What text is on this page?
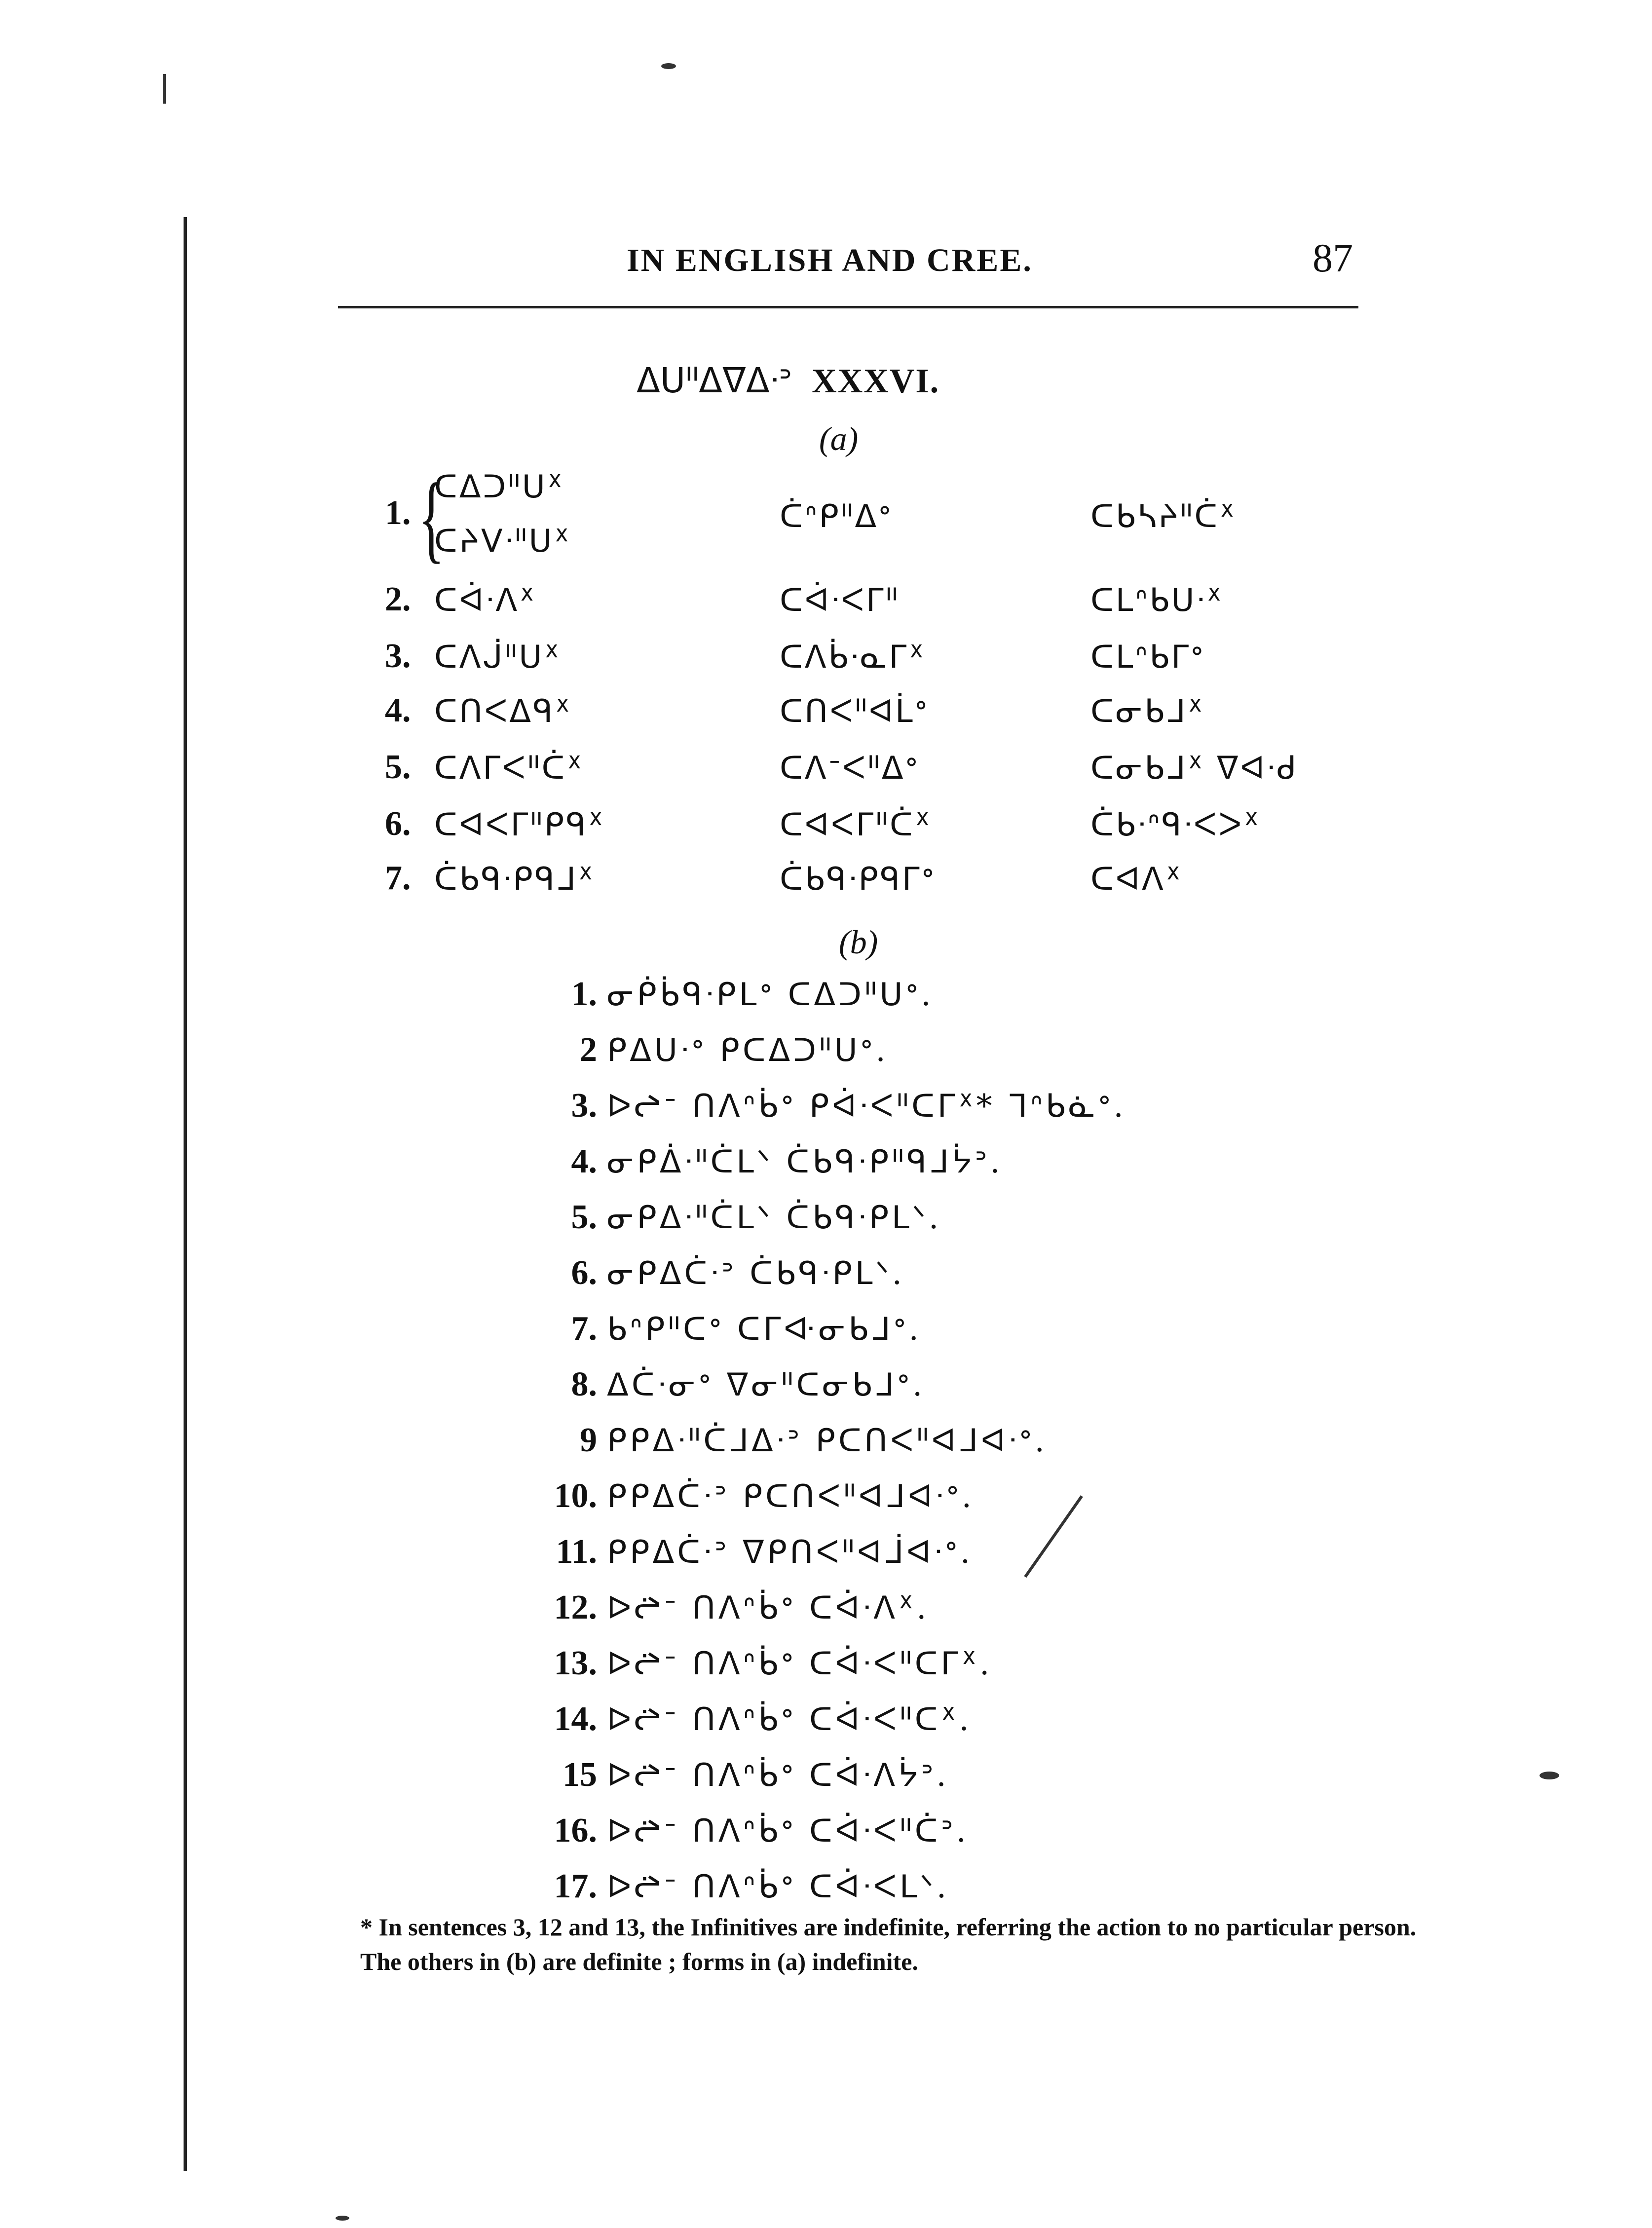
IN ENGLISH AND CREE.	87
ᐃᑌᐦᐃᐁᐃᐧᐣ XXXVI.
(a)
1. {
ᑕᐃᑐᐦᑌᕽ
ᑕᔨᐯᐧᐦᑌᕽ
ᑖᐢᑭᐦᐃᐤ	ᑕᑲᓴᔨᐦᑖᕽ
2. ᑕᐋᐧᐱᕽ	ᑕᐋᐧᐸᒥᐦ	ᑕᒪᐢᑲᑌᐧᕽ
3. ᑕᐱᒎᐦᑌᕽ	ᑕᐱᑳᐧᓇᒥᕽ	ᑕᒪᐢᑲᒥᐤ
4. ᑕᑎᐸᐃᑫᕽ	ᑕᑎᐸᐦᐊᒫᐤ	ᑕᓂᑲᒧᕽ
5. ᑕᐱᒥᐸᐦᑖᕽ	ᑕᐱᐨᐸᐦᐃᐤ	ᑕᓂᑲᒧᕽ ᐁᐊᐧᑯ
6. ᑕᐊᐸᒥᐦᑭᑫᕽ	ᑕᐊᐸᒥᐦᑖᕽ	ᑖᑲᐧᐢᑫᐧᐸᐳᕽ
7. ᑖᑲᑫᐧᑭᑫᒧᕽ	ᑖᑲᑫᐧᑭᑫᒥᐤ	ᑕᐊᐱᕽ
(b)
1. ᓂᑮᑳᑫᐧᑭᒪᐤ ᑕᐃᑐᐦᑌᐤ.
2 ᑭᐃᑌᐧᐤ ᑭᑕᐃᑐᐦᑌᐤ.
3. ᐅᖠᐨ ᑎᐱᐢᑳᐤ ᑭᐋᐧᐸᐦᑕᒥᕽ* ᒣᐢᑲᓈᐤ.
4. ᓂᑭᐄᐧᐦᑖᒪᐠ ᑖᑲᑫᐧᑭᐦᑫᒧᔮᐣ.
5. ᓂᑭᐃᐧᐦᑖᒪᐠ ᑖᑲᑫᐧᑭᒪᐠ.
6. ᓂᑭᐃᑖᐧᐣ ᑖᑲᑫᐧᑭᒪᐠ.
7. ᑲᐢᑭᐦᑕᐤ ᑕᒥᐘᓂᑲᒧᐤ.
8. ᐃᑖᐧᓂᐤ ᐁᓂᐦᑕᓂᑲᒧᐤ.
9 ᑭᑭᐃᐧᐦᑖᒧᐃᐧᐣ ᑭᑕᑎᐸᐦᐊᒧᐊᐧᐤ.
10. ᑭᑭᐃᑖᐧᐣ ᑭᑕᑎᐸᐦᐊᒧᐊᐧᐤ.
11. ᑭᑭᐃᑖᐧᐣ ᐁᑭᑎᐸᐦᐊᒨᐊᐧᐤ.
12. ᐅᖡᐨ ᑎᐱᐢᑳᐤ ᑕᐋᐧᐱᕽ.
13. ᐅᖡᐨ ᑎᐱᐢᑳᐤ ᑕᐋᐧᐸᐦᑕᒥᕽ.
14. ᐅᖡᐨ ᑎᐱᐢᑳᐤ ᑕᐋᐧᐸᐦᑕᕽ.
15 ᐅᖡᐨ ᑎᐱᐢᑳᐤ ᑕᐋᐧᐱᔮᐣ.
16. ᐅᖡᐨ ᑎᐱᐢᑳᐤ ᑕᐋᐧᐸᐦᑖᐣ.
17. ᐅᖡᐨ ᑎᐱᐢᑳᐤ ᑕᐋᐧᐸᒪᐠ.
* In sentences 3, 12 and 13, the Infinitives are indefinite, referring the action to no particular person. The others in (b) are definite ; forms in (a) indefinite.
